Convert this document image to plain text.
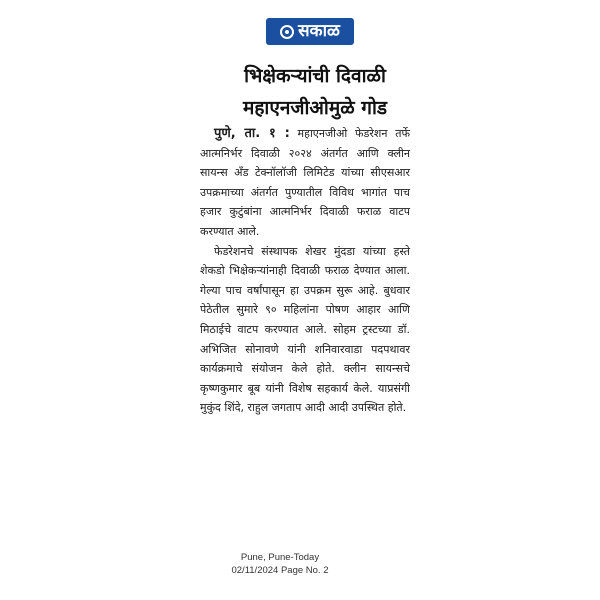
सकाळ
भिक्षेकऱ्यांची दिवाळी
महाएनजीओमुळे गोड

पुणे, ता. १ : महाएनजीओ फेडरेशन तर्फे आत्मनिर्भर दिवाळी २०२४ अंतर्गत आणि क्लीन सायन्स अँड टेक्नॉलॉजी लिमिटेड यांच्या सीएसआर उपक्रमाच्या अंतर्गत पुण्यातील विविध भागांत पाच हजार कुटुंबांना आत्मनिर्भर दिवाळी फराळ वाटप करण्यात आले.

फेडरेशनचे संस्थापक शेखर मुंदडा यांच्या हस्ते शेकडो भिक्षेकऱ्यांनाही दिवाळी फराळ देण्यात आला. गेल्या पाच वर्षांपासून हा उपक्रम सुरू आहे. बुधवार पेठेतील सुमारे ९० महिलांना पोषण आहार आणि मिठाईचे वाटप करण्यात आले. सोहम ट्रस्टच्या डॉ. अभिजित सोनावणे यांनी शनिवारवाडा पदपथावर कार्यक्रमाचे संयोजन केले होते. क्लीन सायन्सचे कृष्णकुमार बूब यांनी विशेष सहकार्य केले. याप्रसंगी मुकुंद शिंदे, राहुल जगताप आदी आदी उपस्थित होते.

Pune, Pune-Today
02/11/2024 Page No. 2
